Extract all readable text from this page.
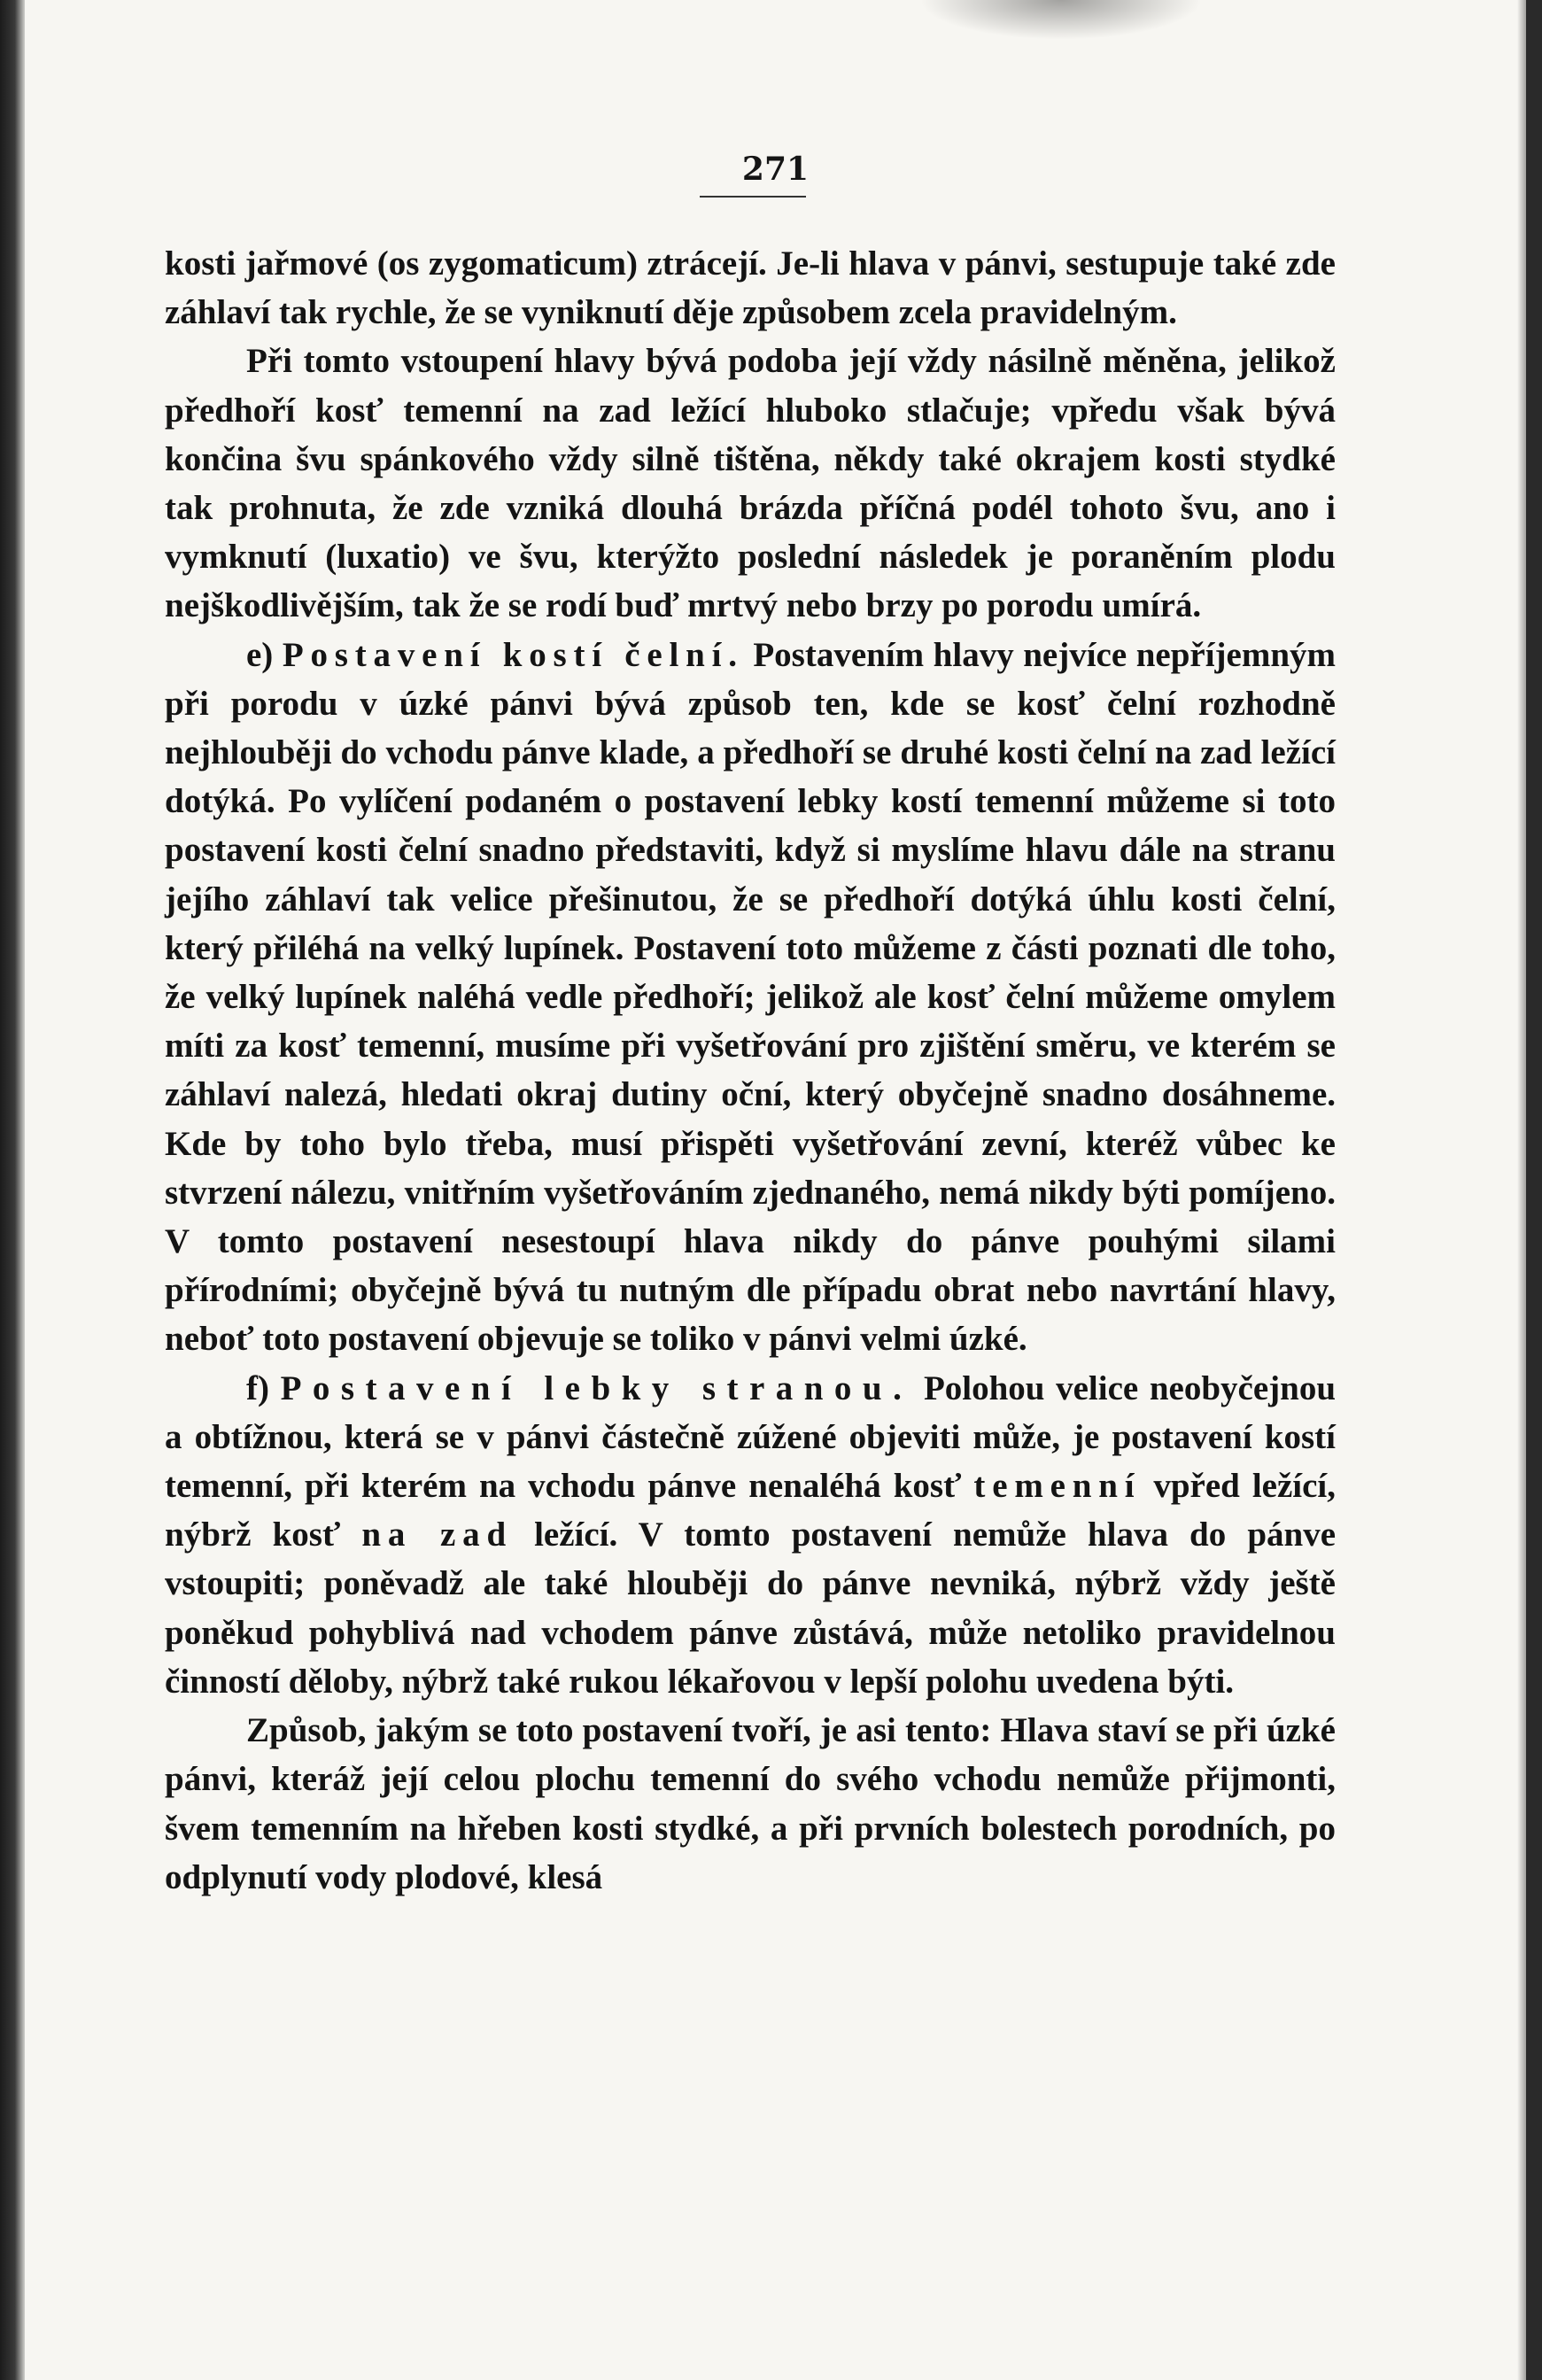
271

kosti jařmové (os zygomaticum) ztrácejí. Je-li hlava v pánvi, sestupuje také zde záhlaví tak rychle, že se vyniknutí děje způsobem zcela pravidelným.

Při tomto vstoupení hlavy bývá podoba její vždy násilně měněna, jelikož předhoří kosť temenní na zad ležící hluboko stlačuje; vpředu však bývá končina švu spánkového vždy silně tištěna, někdy také okrajem kosti stydké tak prohnuta, že zde vzniká dlouhá brázda příčná podél tohoto švu, ano i vymknutí (luxatio) ve švu, kterýžto poslední následek je poraněním plodu nejškodlivějším, tak že se rodí buď mrtvý nebo brzy po porodu umírá.

e) Postavení kostí čelní. Postavením hlavy nejvíce nepříjemným při porodu v úzké pánvi bývá způsob ten, kde se kosť čelní rozhodně nejhlouběji do vchodu pánve klade, a předhoří se druhé kosti čelní na zad ležící dotýká. Po vylíčení podaném o postavení lebky kostí temenní můžeme si toto postavení kosti čelní snadno představiti, když si myslíme hlavu dále na stranu jejího záhlaví tak velice přešinutou, že se předhoří dotýká úhlu kosti čelní, který přiléhá na velký lupínek. Postavení toto můžeme z části poznati dle toho, že velký lupínek naléhá vedle předhoří; jelikož ale kosť čelní můžeme omylem míti za kosť temenní, musíme při vyšetřování pro zjištění směru, ve kterém se záhlaví nalezá, hledati okraj dutiny oční, který obyčejně snadno dosáhneme. Kde by toho bylo třeba, musí přispěti vyšetřování zevní, kteréž vůbec ke stvrzení nálezu, vnitřním vyšetřováním zjednaného, nemá nikdy býti pomíjeno. V tomto postavení nesestoupí hlava nikdy do pánve pouhými silami přírodními; obyčejně bývá tu nutným dle případu obrat nebo navrtání hlavy, neboť toto postavení objevuje se toliko v pánvi velmi úzké.

f) Postavení lebky stranou. Polohou velice neobyčejnou a obtížnou, která se v pánvi částečně zúžené objeviti může, je postavení kostí temenní, při kterém na vchodu pánve nenaléhá kosť temenní vpřed ležící, nýbrž kosť na zad ležící. V tomto postavení nemůže hlava do pánve vstoupiti; poněvadž ale také hlouběji do pánve nevniká, nýbrž vždy ještě poněkud pohyblivá nad vchodem pánve zůstává, může netoliko pravidelnou činností děloby, nýbrž také rukou lékařovou v lepší polohu uvedena býti.

Způsob, jakým se toto postavení tvoří, je asi tento: Hlava staví se při úzké pánvi, kteráž její celou plochu temenní do svého vchodu nemůže přijmonti, švem temenním na hřeben kosti stydké, a při prvních bolestech porodních, po odplynutí vody plodové, klesá
